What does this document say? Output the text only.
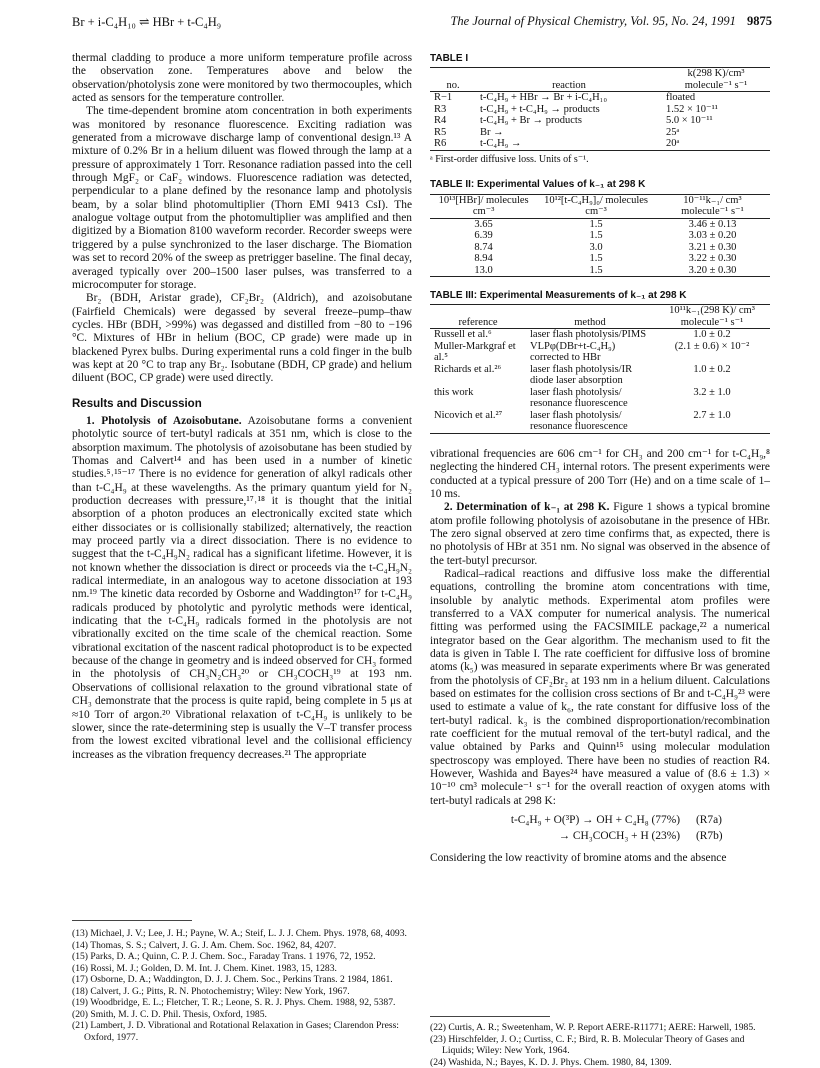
Br + i-C₄H₁₀ ⇌ HBr + t-C₄H₉	The Journal of Physical Chemistry, Vol. 95, No. 24, 1991 9875

thermal cladding to produce a more uniform temperature profile across the observation zone. Temperatures above and below the observation/photolysis zone were monitored by two thermocouples, which acted as sensors for the temperature controller.

The time-dependent bromine atom concentration in both experiments was monitored by resonance fluorescence. Exciting radiation was generated from a microwave discharge lamp of conventional design.¹³ A mixture of 0.2% Br in a helium diluent was flowed through the lamp at a pressure of approximately 1 Torr. Resonance radiation passed into the cell through MgF₂ or CaF₂ windows. Fluorescence radiation was detected, perpendicular to a plane defined by the resonance lamp and photolysis beam, by a solar blind photomultiplier (Thorn EMI 9413 CsI). The analogue voltage output from the photomultiplier was amplified and then digitized by a Biomation 8100 waveform recorder. Recorder sweeps were triggered by a pulse synchronized to the laser discharge. The Biomation was set to record 20% of the sweep as pretrigger baseline. The final decay, averaged typically over 200–1500 laser pulses, was transferred to a microcomputer for storage.

Br₂ (BDH, Aristar grade), CF₂Br₂ (Aldrich), and azoisobutane (Fairfield Chemicals) were degassed by several freeze–pump–thaw cycles. HBr (BDH, >99%) was degassed and distilled from −80 to −196 °C. Mixtures of HBr in helium (BOC, CP grade) were made up in blackened Pyrex bulbs. During experimental runs a cold finger in the bulb was kept at 20 °C to trap any Br₂. Isobutane (BDH, CP grade) and helium diluent (BOC, CP grade) were used directly.

Results and Discussion

1. Photolysis of Azoisobutane. Azoisobutane forms a convenient photolytic source of tert-butyl radicals at 351 nm, which is close to the absorption maximum. The photolysis of azoisobutane has been studied by Thomas and Calvert¹⁴ and has been used in a number of kinetic studies.⁵˒¹⁵⁻¹⁷ There is no evidence for generation of alkyl radicals other than t-C₄H₉ at these wavelengths. As the primary quantum yield for N₂ production decreases with pressure,¹⁷˒¹⁸ it is thought that the initial absorption of a photon produces an electronically excited state which either dissociates or is collisionally stabilized; alternatively, the reaction may proceed partly via a direct dissociation. There is no evidence to suggest that the t-C₄H₉N₂ radical has a significant lifetime. However, it is not known whether the dissociation is direct or proceeds via the t-C₄H₉N₂ radical intermediate, in an analogous way to acetone dissociation at 193 nm.¹⁹ The kinetic data recorded by Osborne and Waddington¹⁷ for t-C₄H₉ radicals produced by photolytic and pyrolytic methods were identical, indicating that the t-C₄H₉ radicals formed in the photolysis are not vibrationally excited on the time scale of the chemical reaction. Some vibrational excitation of the nascent radical photoproduct is to be expected because of the change in geometry and is indeed observed for CH₃ formed in the photolysis of CH₃N₂CH₃²⁰ or CH₃COCH₃¹⁹ at 193 nm. Observations of collisional relaxation to the ground vibrational state of CH₃ demonstrate that the process is quite rapid, being complete in 5 μs at ≈10 Torr of argon.²⁰ Vibrational relaxation of t-C₄H₉ is unlikely to be slower, since the rate-determining step is usually the V–T transfer process from the lowest excited vibrational level and the collisional efficiency increases as the vibration frequency decreases.²¹ The appropriate

(13) Michael, J. V.; Lee, J. H.; Payne, W. A.; Steif, L. J. J. Chem. Phys. 1978, 68, 4093.
(14) Thomas, S. S.; Calvert, J. G. J. Am. Chem. Soc. 1962, 84, 4207.
(15) Parks, D. A.; Quinn, C. P. J. Chem. Soc., Faraday Trans. 1 1976, 72, 1952.
(16) Rossi, M. J.; Golden, D. M. Int. J. Chem. Kinet. 1983, 15, 1283.
(17) Osborne, D. A.; Waddington, D. J. J. Chem. Soc., Perkins Trans. 2 1984, 1861.
(18) Calvert, J. G.; Pitts, R. N. Photochemistry; Wiley: New York, 1967.
(19) Woodbridge, E. L.; Fletcher, T. R.; Leone, S. R. J. Phys. Chem. 1988, 92, 5387.
(20) Smith, M. J. C. D. Phil. Thesis, Oxford, 1985.
(21) Lambert, J. D. Vibrational and Rotational Relaxation in Gases; Clarendon Press: Oxford, 1977.
TABLE I
no.	reaction	k(298 K)/cm³ molecule⁻¹ s⁻¹
R−1	t-C₄H₉ + HBr → Br + i-C₄H₁₀	floated
R3	t-C₄H₉ + t-C₄H₉ → products	1.52 × 10⁻¹¹
R4	t-C₄H₉ + Br → products	5.0 × 10⁻¹¹
R5	Br →	25ᵃ
R6	t-C₄H₉ →	20ᵃ
ᵃ First-order diffusive loss. Units of s⁻¹.
TABLE II: Experimental Values of k₋₁ at 298 K
10¹³[HBr]/ molecules cm⁻³	10¹²[t-C₄H₉]₀/ molecules cm⁻³	10⁻¹¹k₋₁/ cm³ molecule⁻¹ s⁻¹
3.65	1.5	3.46 ± 0.13
6.39	1.5	3.03 ± 0.20
8.74	3.0	3.21 ± 0.30
8.94	1.5	3.22 ± 0.30
13.0	1.5	3.20 ± 0.30
TABLE III: Experimental Measurements of k₋₁ at 298 K
reference	method	10¹¹k₋₁(298 K)/ cm³ molecule⁻¹ s⁻¹
Russell et al.⁶	laser flash photolysis/PIMS	1.0 ± 0.2
Muller-Markgraf et al.⁵	VLPφ(DBr+t-C₄H₉) corrected to HBr	(2.1 ± 0.6) × 10⁻²
Richards et al.²⁶	laser flash photolysis/IR diode laser absorption	1.0 ± 0.2
this work	laser flash photolysis/ resonance fluorescence	3.2 ± 1.0
Nicovich et al.²⁷	laser flash photolysis/ resonance fluorescence	2.7 ± 1.0

vibrational frequencies are 606 cm⁻¹ for CH₃ and 200 cm⁻¹ for t-C₄H₉,⁸ neglecting the hindered CH₃ internal rotors. The present experiments were conducted at a typical pressure of 200 Torr (He) and on a time scale of 1–10 ms.

2. Determination of k₋₁ at 298 K. Figure 1 shows a typical bromine atom profile following photolysis of azoisobutane in the presence of HBr. The zero signal observed at zero time confirms that, as expected, there is no photolysis of HBr at 351 nm. No signal was observed in the absence of the tert-butyl precursor.

Radical–radical reactions and diffusive loss make the differential equations, controlling the bromine atom concentrations with time, insoluble by analytic methods. Experimental atom profiles were transferred to a VAX computer for numerical analysis. The numerical fitting was performed using the FACSIMILE package,²² a numerical integrator based on the Gear algorithm. The mechanism used to fit the data is given in Table I. The rate coefficient for diffusive loss of bromine atoms (k₅) was measured in separate experiments where Br was generated from the photolysis of CF₂Br₂ at 193 nm in a helium diluent. Calculations based on estimates for the collision cross sections of Br and t-C₄H₉²³ were used to estimate a value of k₆, the rate constant for diffusive loss of the tert-butyl radical. k₃ is the combined disproportionation/recombination rate coefficient for the mutual removal of the tert-butyl radical, and the value obtained by Parks and Quinn¹⁵ using molecular modulation spectroscopy was employed. There have been no studies of reaction R4. However, Washida and Bayes²⁴ have measured a value of (8.6 ± 1.3) × 10⁻¹⁰ cm³ molecule⁻¹ s⁻¹ for the overall reaction of oxygen atoms with tert-butyl radicals at 298 K:

t-C₄H₉ + O(³P) → OH + C₄H₈ (77%)	(R7a)
→ CH₃COCH₃ + H (23%)	(R7b)

Considering the low reactivity of bromine atoms and the absence

(22) Curtis, A. R.; Sweetenham, W. P. Report AERE-R11771; AERE: Harwell, 1985.
(23) Hirschfelder, J. O.; Curtiss, C. F.; Bird, R. B. Molecular Theory of Gases and Liquids; Wiley: New York, 1964.
(24) Washida, N.; Bayes, K. D. J. Phys. Chem. 1980, 84, 1309.
